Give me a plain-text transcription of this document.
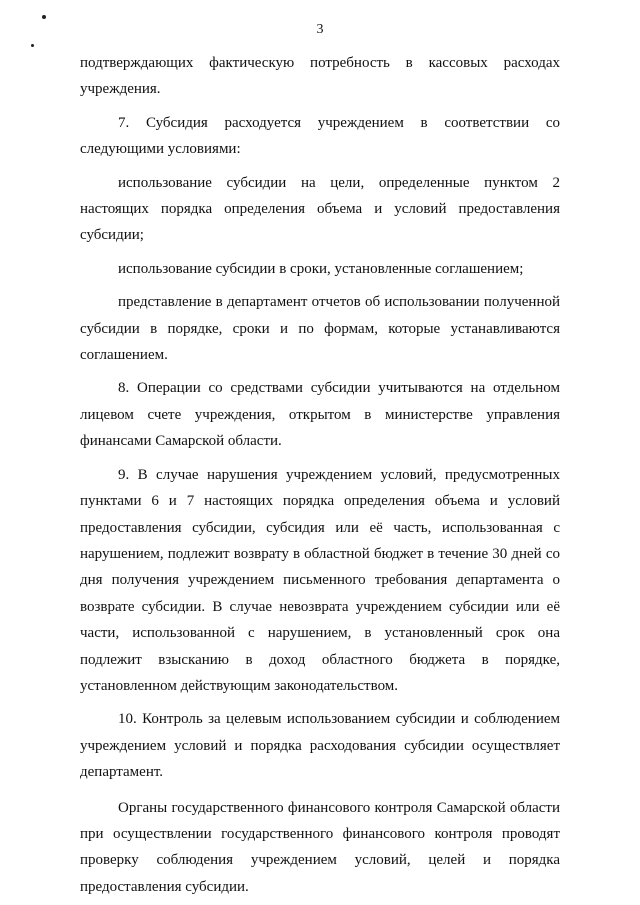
3

подтверждающих фактическую потребность в кассовых расходах учреждения.

7. Субсидия расходуется учреждением в соответствии со следующими условиями:

использование субсидии на цели, определенные пунктом 2 настоящих порядка определения объема и условий предоставления субсидии;

использование субсидии в сроки, установленные соглашением;

представление в департамент отчетов об использовании полученной субсидии в порядке, сроки и по формам, которые устанавливаются соглашением.

8. Операции со средствами субсидии учитываются на отдельном лицевом счете учреждения, открытом в министерстве управления финансами Самарской области.

9. В случае нарушения учреждением условий, предусмотренных пунктами 6 и 7 настоящих порядка определения объема и условий предоставления субсидии, субсидия или её часть, использованная с нарушением, подлежит возврату в областной бюджет в течение 30 дней со дня получения учреждением письменного требования департамента о возврате субсидии. В случае невозврата учреждением субсидии или её части, использованной с нарушением, в установленный срок она подлежит взысканию в доход областного бюджета в порядке, установленном действующим законодательством.

10. Контроль за целевым использованием субсидии и соблюдением учреждением условий и порядка расходования субсидии осуществляет департамент.

Органы государственного финансового контроля Самарской области при осуществлении государственного финансового контроля проводят проверку соблюдения учреждением условий, целей и порядка предоставления субсидии.
